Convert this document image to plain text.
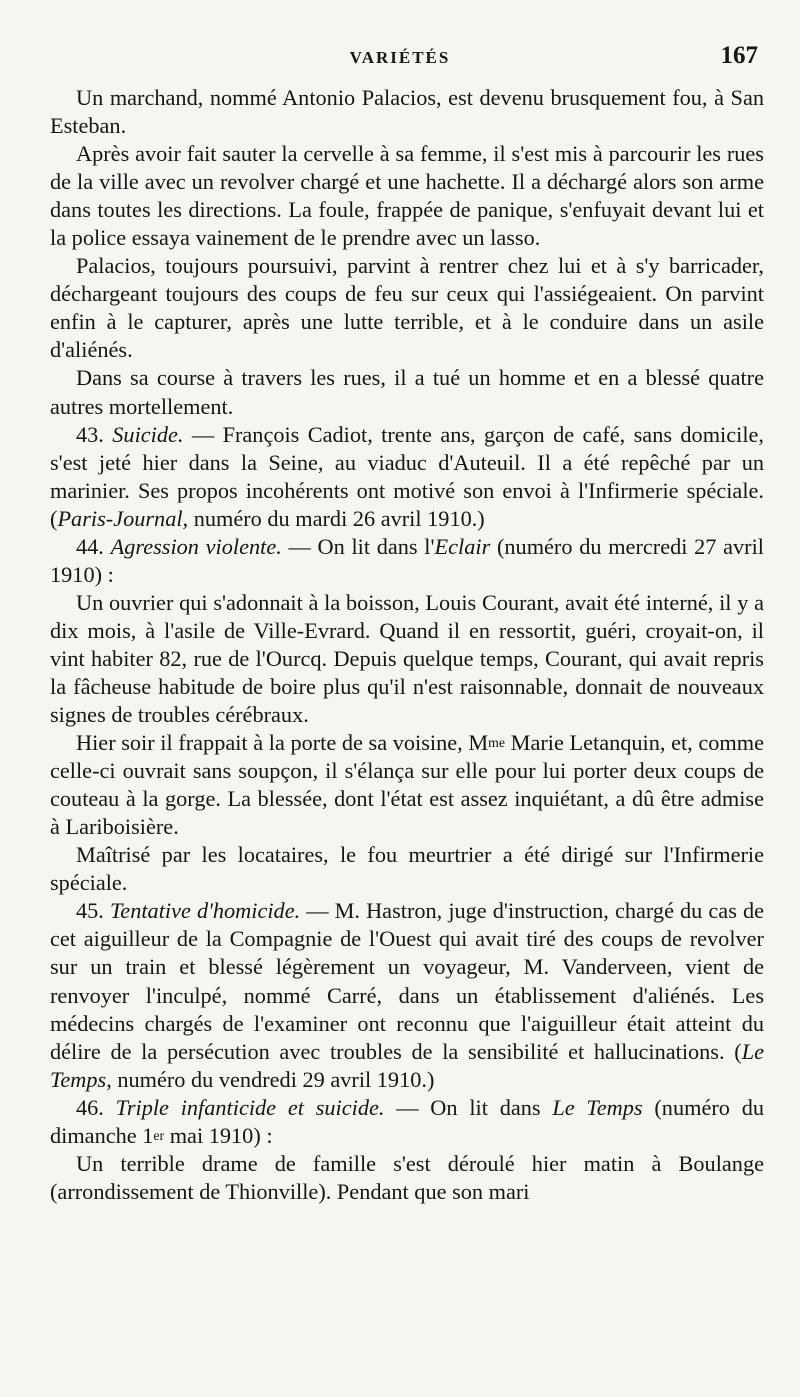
VARIÉTÉS	167

Un marchand, nommé Antonio Palacios, est devenu brusquement fou, à San Esteban.

Après avoir fait sauter la cervelle à sa femme, il s'est mis à parcourir les rues de la ville avec un revolver chargé et une hachette. Il a déchargé alors son arme dans toutes les directions. La foule, frappée de panique, s'enfuyait devant lui et la police essaya vainement de le prendre avec un lasso.

Palacios, toujours poursuivi, parvint à rentrer chez lui et à s'y barricader, déchargeant toujours des coups de feu sur ceux qui l'assiégeaient. On parvint enfin à le capturer, après une lutte terrible, et à le conduire dans un asile d'aliénés.

Dans sa course à travers les rues, il a tué un homme et en a blessé quatre autres mortellement.

43. Suicide. — François Cadiot, trente ans, garçon de café, sans domicile, s'est jeté hier dans la Seine, au viaduc d'Auteuil. Il a été repêché par un marinier. Ses propos incohérents ont motivé son envoi à l'Infirmerie spéciale. (Paris-Journal, numéro du mardi 26 avril 1910.)

44. Agression violente. — On lit dans l'Eclair (numéro du mercredi 27 avril 1910) :

Un ouvrier qui s'adonnait à la boisson, Louis Courant, avait été interné, il y a dix mois, à l'asile de Ville-Evrard. Quand il en ressortit, guéri, croyait-on, il vint habiter 82, rue de l'Ourcq. Depuis quelque temps, Courant, qui avait repris la fâcheuse habitude de boire plus qu'il n'est raisonnable, donnait de nouveaux signes de troubles cérébraux.

Hier soir il frappait à la porte de sa voisine, $M^{me}$ Marie Letanquin, et, comme celle-ci ouvrait sans soupçon, il s'élança sur elle pour lui porter deux coups de couteau à la gorge. La blessée, dont l'état est assez inquiétant, a dû être admise à Lariboisière.

Maîtrisé par les locataires, le fou meurtrier a été dirigé sur l'Infirmerie spéciale.

45. Tentative d'homicide. — M. Hastron, juge d'instruction, chargé du cas de cet aiguilleur de la Compagnie de l'Ouest qui avait tiré des coups de revolver sur un train et blessé légèrement un voyageur, M. Vanderveen, vient de renvoyer l'inculpé, nommé Carré, dans un établissement d'aliénés. Les médecins chargés de l'examiner ont reconnu que l'aiguilleur était atteint du délire de la persécution avec troubles de la sensibilité et hallucinations. (Le Temps, numéro du vendredi 29 avril 1910.)

46. Triple infanticide et suicide. — On lit dans Le Temps (numéro du dimanche 1er mai 1910) :

Un terrible drame de famille s'est déroulé hier matin à Boulange (arrondissement de Thionville). Pendant que son mari
